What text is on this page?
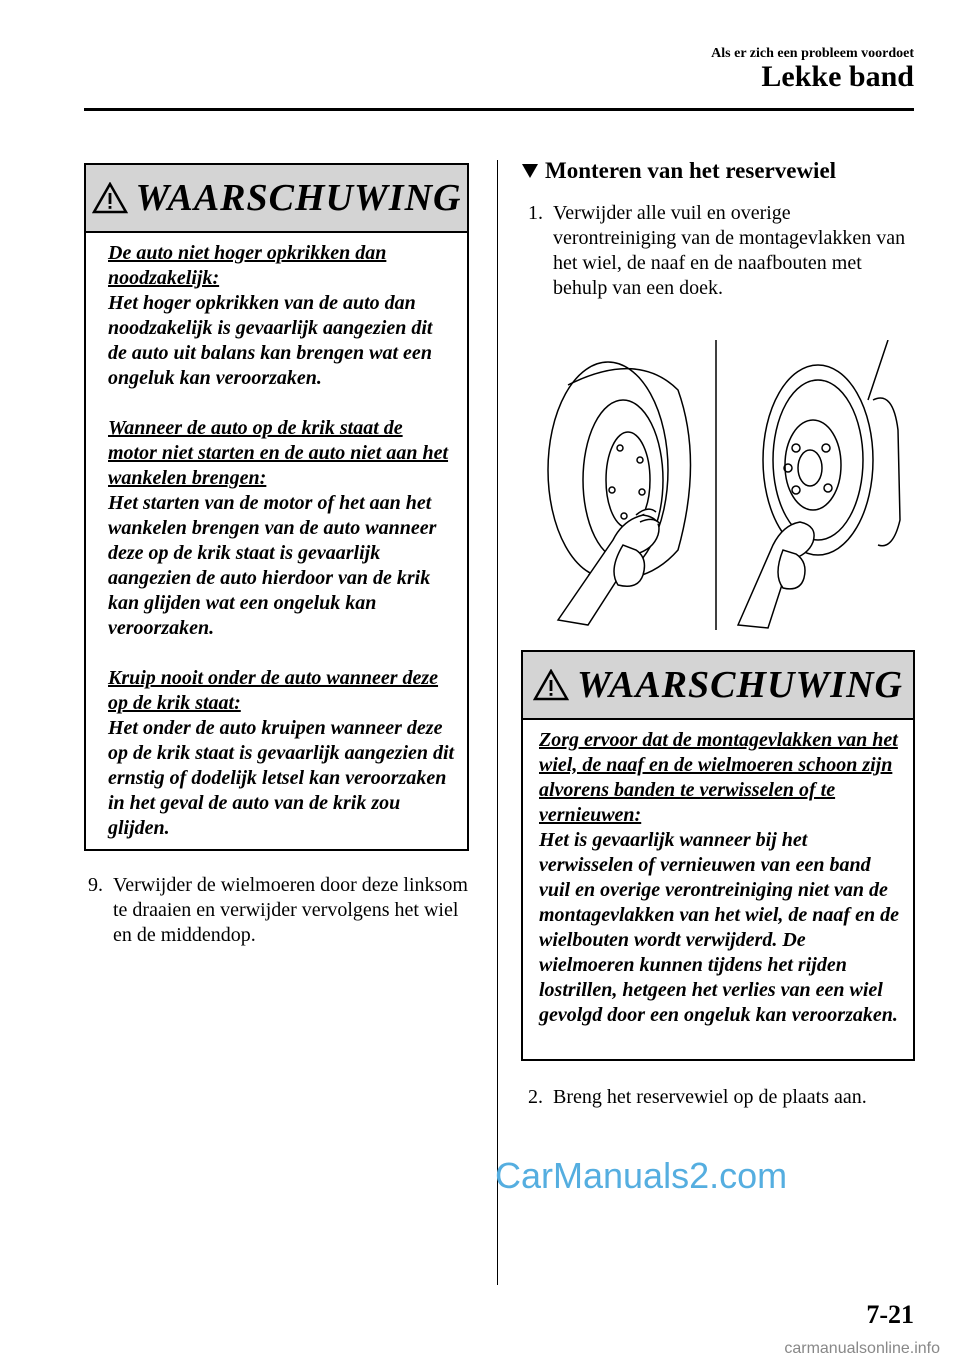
Als er zich een probleem voordoet
Lekke band
WAARSCHUWING

De auto niet hoger opkrikken dan noodzakelijk:

Het hoger opkrikken van de auto dan noodzakelijk is gevaarlijk aangezien dit de auto uit balans kan brengen wat een ongeluk kan veroorzaken.

Wanneer de auto op de krik staat de motor niet starten en de auto niet aan het wankelen brengen:

Het starten van de motor of het aan het wankelen brengen van de auto wanneer deze op de krik staat is gevaarlijk aangezien de auto hierdoor van de krik kan glijden wat een ongeluk kan veroorzaken.

Kruip nooit onder de auto wanneer deze op de krik staat:

Het onder de auto kruipen wanneer deze op de krik staat is gevaarlijk aangezien dit ernstig of dodelijk letsel kan veroorzaken in het geval de auto van de krik zou glijden.

9. Verwijder de wielmoeren door deze linksom te draaien en verwijder vervolgens het wiel en de middendop.
Monteren van het reservewiel
1. Verwijder alle vuil en overige verontreiniging van de montagevlakken van het wiel, de naaf en de naafbouten met behulp van een doek.
WAARSCHUWING

Zorg ervoor dat de montagevlakken van het wiel, de naaf en de wielmoeren schoon zijn alvorens banden te verwisselen of te vernieuwen:

Het is gevaarlijk wanneer bij het verwisselen of vernieuwen van een band vuil en overige verontreiniging niet van de montagevlakken van het wiel, de naaf en de wielbouten wordt verwijderd. De wielmoeren kunnen tijdens het rijden lostrillen, hetgeen het verlies van een wiel gevolgd door een ongeluk kan veroorzaken.

2. Breng het reservewiel op de plaats aan.
CarManuals2.com
7-21
carmanualsonline.info
